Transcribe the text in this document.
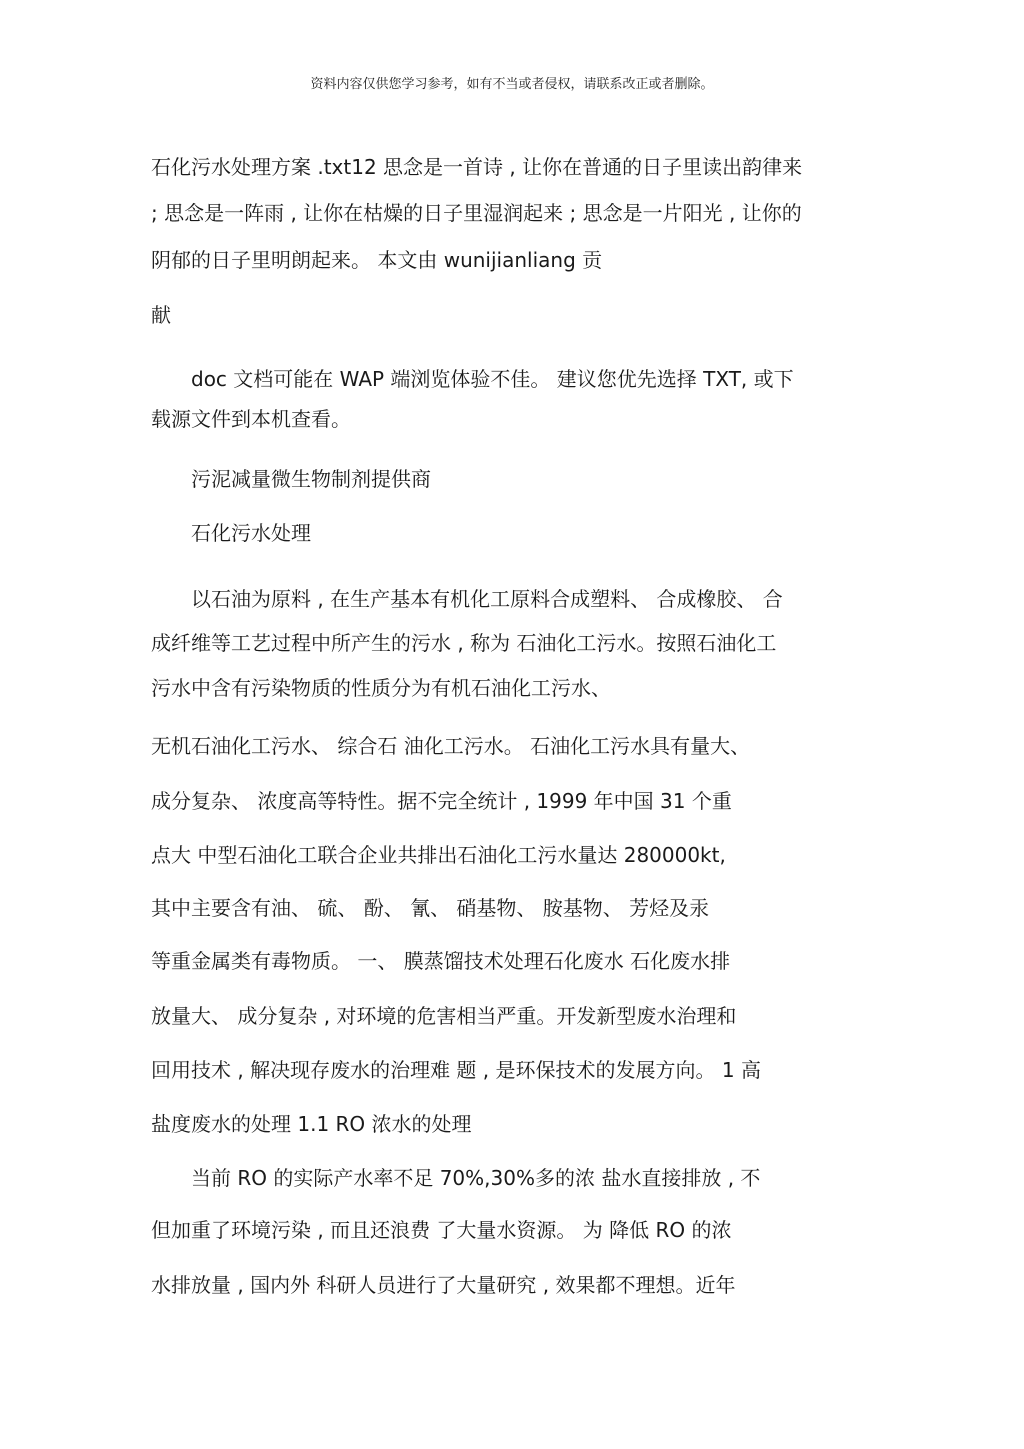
资料内容仅供您学习参考，如有不当或者侵权，请联系改正或者删除。
石化污水处理方案 .txt12 思念是一首诗 , 让你在普通的日子里读出韵律来
; 思念是一阵雨 , 让你在枯燥的日子里湿润起来 ; 思念是一片阳光 , 让你的
阴郁的日子里明朗起来。 本文由 wunijianliang 贡
献
doc 文档可能在 WAP 端浏览体验不佳。 建议您优先选择 TXT, 或下
载源文件到本机查看。
污泥减量微生物制剂提供商
石化污水处理
以石油为原料 , 在生产基本有机化工原料合成塑料、 合成橡胶、 合
成纤维等工艺过程中所产生的污水 , 称为 石油化工污水。按照石油化工
污水中含有污染物质的性质分为有机石油化工污水、
无机石油化工污水、 综合石 油化工污水。 石油化工污水具有量大、
成分复杂、 浓度高等特性。据不完全统计 , 1999 年中国 31 个重
点大 中型石油化工联合企业共排出石油化工污水量达 280000kt,
其中主要含有油、 硫、 酚、 氰、 硝基物、 胺基物、 芳烃及汞
等重金属类有毒物质。 一、 膜蒸馏技术处理石化废水 石化废水排
放量大、 成分复杂 , 对环境的危害相当严重。开发新型废水治理和
回用技术 , 解决现存废水的治理难 题 , 是环保技术的发展方向。 1 高
盐度废水的处理 1.1 RO 浓水的处理
当前 RO 的实际产水率不足 70%,30%多的浓 盐水直接排放 , 不
但加重了环境污染 , 而且还浪费 了大量水资源。 为 降低 RO 的浓
水排放量 , 国内外 科研人员进行了大量研究 , 效果都不理想。近年
